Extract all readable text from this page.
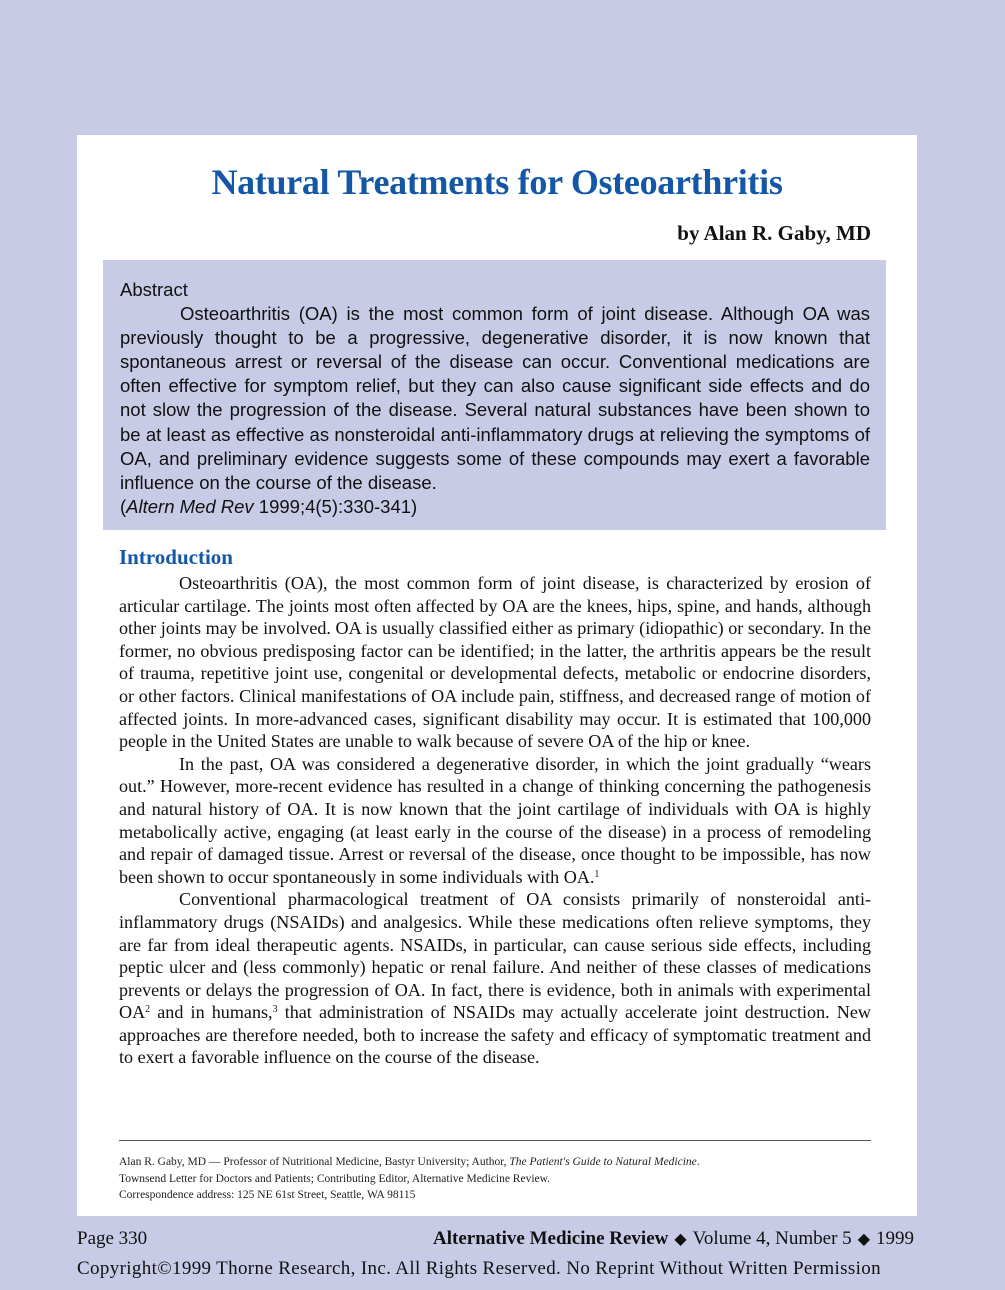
Natural Treatments for Osteoarthritis

by Alan R. Gaby, MD

Abstract

Osteoarthritis (OA) is the most common form of joint disease. Although OA was previously thought to be a progressive, degenerative disorder, it is now known that spontaneous arrest or reversal of the disease can occur. Conventional medications are often effective for symptom relief, but they can also cause significant side effects and do not slow the progression of the disease. Several natural substances have been shown to be at least as effective as nonsteroidal anti-inflammatory drugs at relieving the symptoms of OA, and preliminary evidence suggests some of these compounds may exert a favorable influence on the course of the disease.

(Altern Med Rev 1999;4(5):330-341)

Introduction

Osteoarthritis (OA), the most common form of joint disease, is characterized by erosion of articular cartilage. The joints most often affected by OA are the knees, hips, spine, and hands, although other joints may be involved. OA is usually classified either as primary (idiopathic) or secondary. In the former, no obvious predisposing factor can be identified; in the latter, the arthritis appears be the result of trauma, repetitive joint use, congenital or developmental defects, metabolic or endocrine disorders, or other factors. Clinical manifestations of OA include pain, stiffness, and decreased range of motion of affected joints. In more-advanced cases, significant disability may occur. It is estimated that 100,000 people in the United States are unable to walk because of severe OA of the hip or knee.

In the past, OA was considered a degenerative disorder, in which the joint gradually “wears out.” However, more-recent evidence has resulted in a change of thinking concerning the pathogenesis and natural history of OA. It is now known that the joint cartilage of individuals with OA is highly metabolically active, engaging (at least early in the course of the disease) in a process of remodeling and repair of damaged tissue. Arrest or reversal of the disease, once thought to be impossible, has now been shown to occur spontaneously in some individuals with OA.$^1$

Conventional pharmacological treatment of OA consists primarily of nonsteroidal anti-inflammatory drugs (NSAIDs) and analgesics. While these medications often relieve symptoms, they are far from ideal therapeutic agents. NSAIDs, in particular, can cause serious side effects, including peptic ulcer and (less commonly) hepatic or renal failure. And neither of these classes of medications prevents or delays the progression of OA. In fact, there is evidence, both in animals with experimental $OA^2$ and in humans,$^3$ that administration of NSAIDs may actually accelerate joint destruction. New approaches are therefore needed, both to increase the safety and efficacy of symptomatic treatment and to exert a favorable influence on the course of the disease.

Alan R. Gaby, MD — Professor of Nutritional Medicine, Bastyr University; Author, The Patient's Guide to Natural Medicine.

Townsend Letter for Doctors and Patients; Contributing Editor, Alternative Medicine Review.

Correspondence address: 125 NE 61st Street, Seattle, WA 98115

Page 330	Alternative Medicine Review ◆ Volume 4, Number 5 ◆ 1999
Copyright©1999 Thorne Research, Inc. All Rights Reserved. No Reprint Without Written Permission
